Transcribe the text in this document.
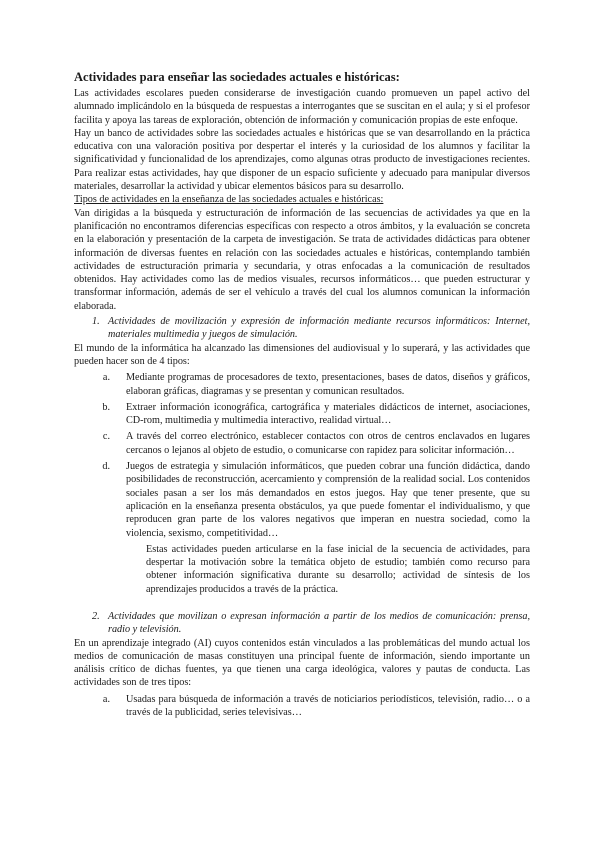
Actividades para enseñar las sociedades actuales e históricas:

Las actividades escolares pueden considerarse de investigación cuando promueven un papel activo del alumnado implicándolo en la búsqueda de respuestas a interrogantes que se suscitan en el aula; y si el profesor facilita y apoya las tareas de exploración, obtención de información y comunicación propias de este enfoque.

Hay un banco de actividades sobre las sociedades actuales e históricas que se van desarrollando en la práctica educativa con una valoración positiva por despertar el interés y la curiosidad de los alumnos y facilitar la significatividad y funcionalidad de los aprendizajes, como algunas otras producto de investigaciones recientes. Para realizar estas actividades, hay que disponer de un espacio suficiente y adecuado para manipular diversos materiales, desarrollar la actividad y ubicar elementos básicos para su desarrollo.

Tipos de actividades en la enseñanza de las sociedades actuales e históricas:

Van dirigidas a la búsqueda y estructuración de información de las secuencias de actividades ya que en la planificación no encontramos diferencias específicas con respecto a otros ámbitos, y la evaluación se concreta en la elaboración y presentación de la carpeta de investigación. Se trata de actividades didácticas para obtener información de diversas fuentes en relación con las sociedades actuales e históricas, contemplando también actividades de estructuración primaria y secundaria, y otras enfocadas a la comunicación de resultados obtenidos. Hay actividades como las de medios visuales, recursos informáticos… que pueden estructurar y transformar información, además de ser el vehículo a través del cual los alumnos comunican la información elaborada.

1. Actividades de movilización y expresión de información mediante recursos informáticos: Internet, materiales multimedia y juegos de simulación.

El mundo de la informática ha alcanzado las dimensiones del audiovisual y lo superará, y las actividades que pueden hacer son de 4 tipos:

a.	Mediante programas de procesadores de texto, presentaciones, bases de datos, diseños y gráficos, elaboran gráficas, diagramas y se presentan y comunican resultados.
b.	Extraer información iconográfica, cartográfica y materiales didácticos de internet, asociaciones, CD-rom, multimedia y multimedia interactivo, realidad virtual…
c.	A través del correo electrónico, establecer contactos con otros de centros enclavados en lugares cercanos o lejanos al objeto de estudio, o comunicarse con rapidez para solicitar información…
d.	Juegos de estrategia y simulación informáticos, que pueden cobrar una función didáctica, dando posibilidades de reconstrucción, acercamiento y comprensión de la realidad social. Los contenidos sociales pasan a ser los más demandados en estos juegos. Hay que tener presente, que su aplicación en la enseñanza presenta obstáculos, ya que puede fomentar el individualismo, y que reproducen gran parte de los valores negativos que imperan en nuestra sociedad, como la violencia, sexismo, competitividad…

Estas actividades pueden articularse en la fase inicial de la secuencia de actividades, para despertar la motivación sobre la temática objeto de estudio; también como recurso para obtener información significativa durante su desarrollo; actividad de síntesis de los aprendizajes producidos a través de la práctica.

2. Actividades que movilizan o expresan información a partir de los medios de comunicación: prensa, radio y televisión.

En un aprendizaje integrado (AI) cuyos contenidos están vinculados a las problemáticas del mundo actual los medios de comunicación de masas constituyen una principal fuente de información, siendo importante un análisis crítico de dichas fuentes, ya que tienen una carga ideológica, valores y pautas de conducta. Las actividades son de tres tipos:

a.	Usadas para búsqueda de información a través de noticiarios periodísticos, televisión, radio… o a través de la publicidad, series televisivas…
